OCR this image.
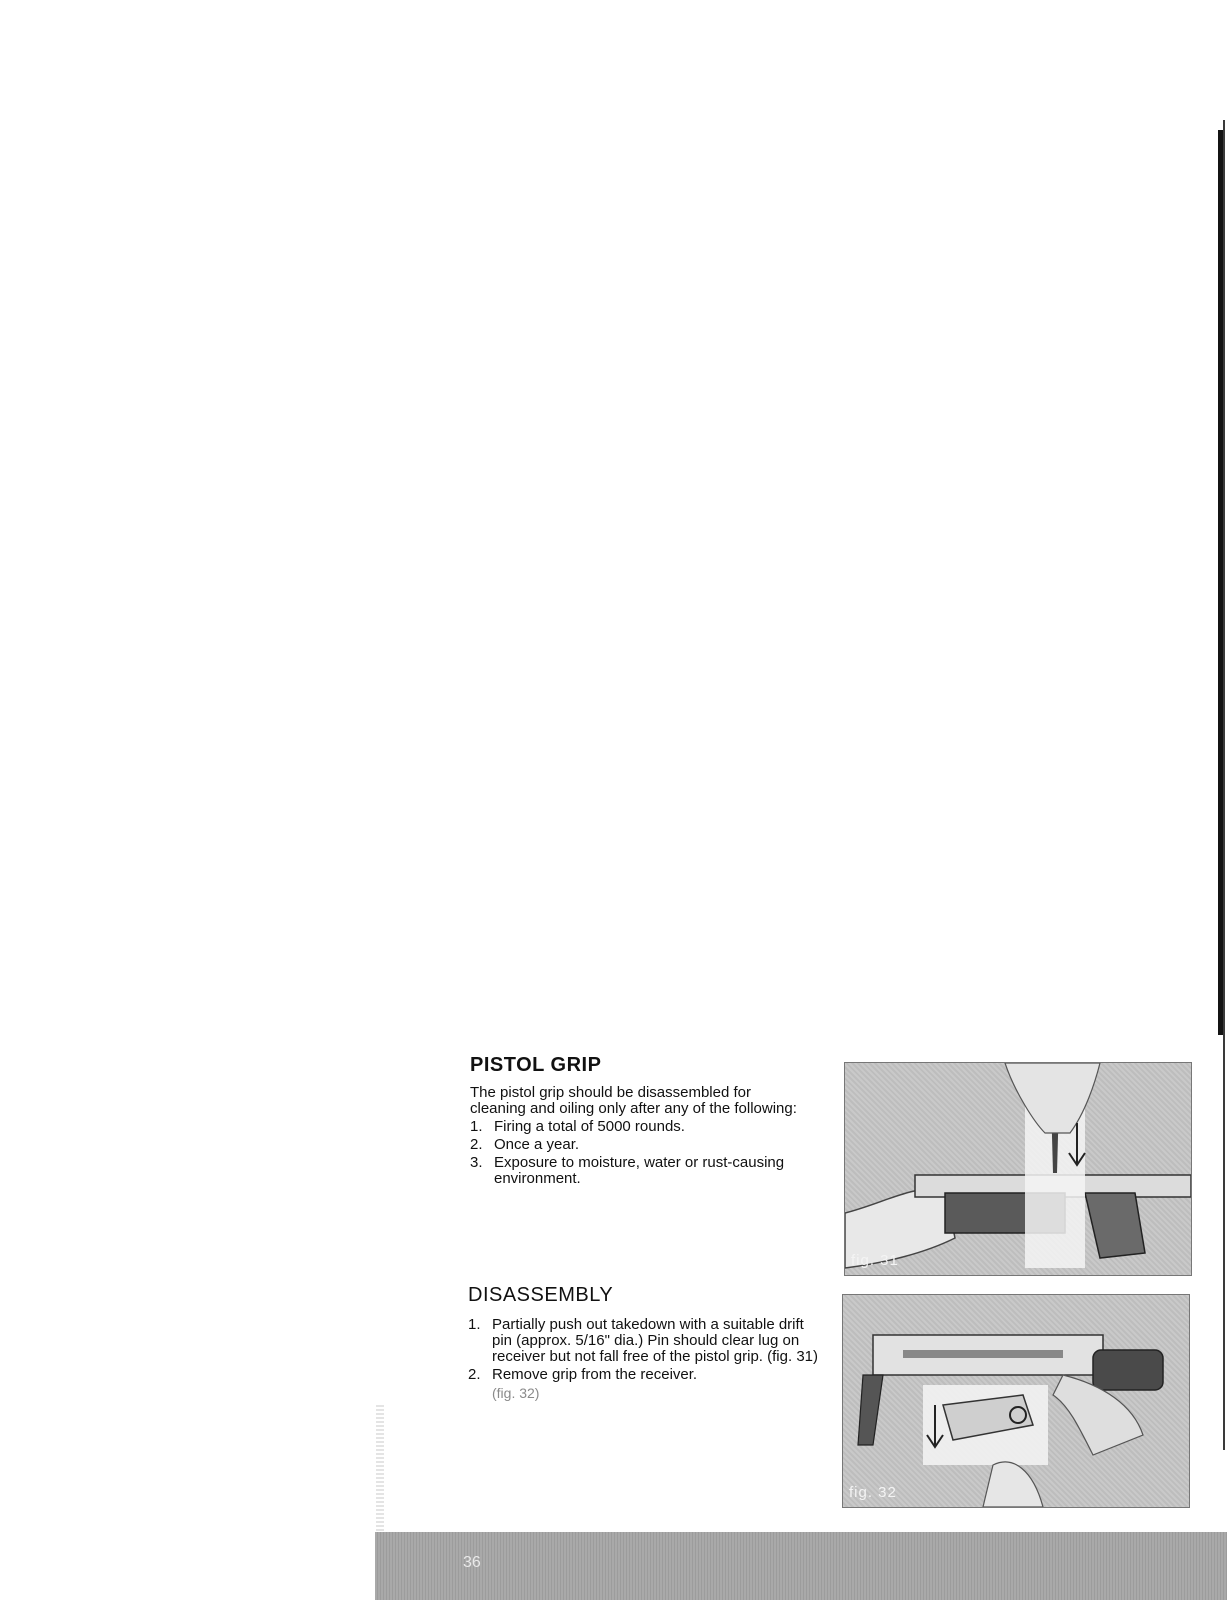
PISTOL GRIP
The pistol grip should be disassembled for cleaning and oiling only after any of the following:
1. Firing a total of 5000 rounds.
2. Once a year.
3. Exposure to moisture, water or rust-causing environment.
DISASSEMBLY
1. Partially push out takedown with a suitable drift pin (approx. 5/16" dia.) Pin should clear lug on receiver but not fall free of the pistol grip. (fig. 31)
2. Remove grip from the receiver.
(fig. 32)
fig. 31
fig. 32
36
